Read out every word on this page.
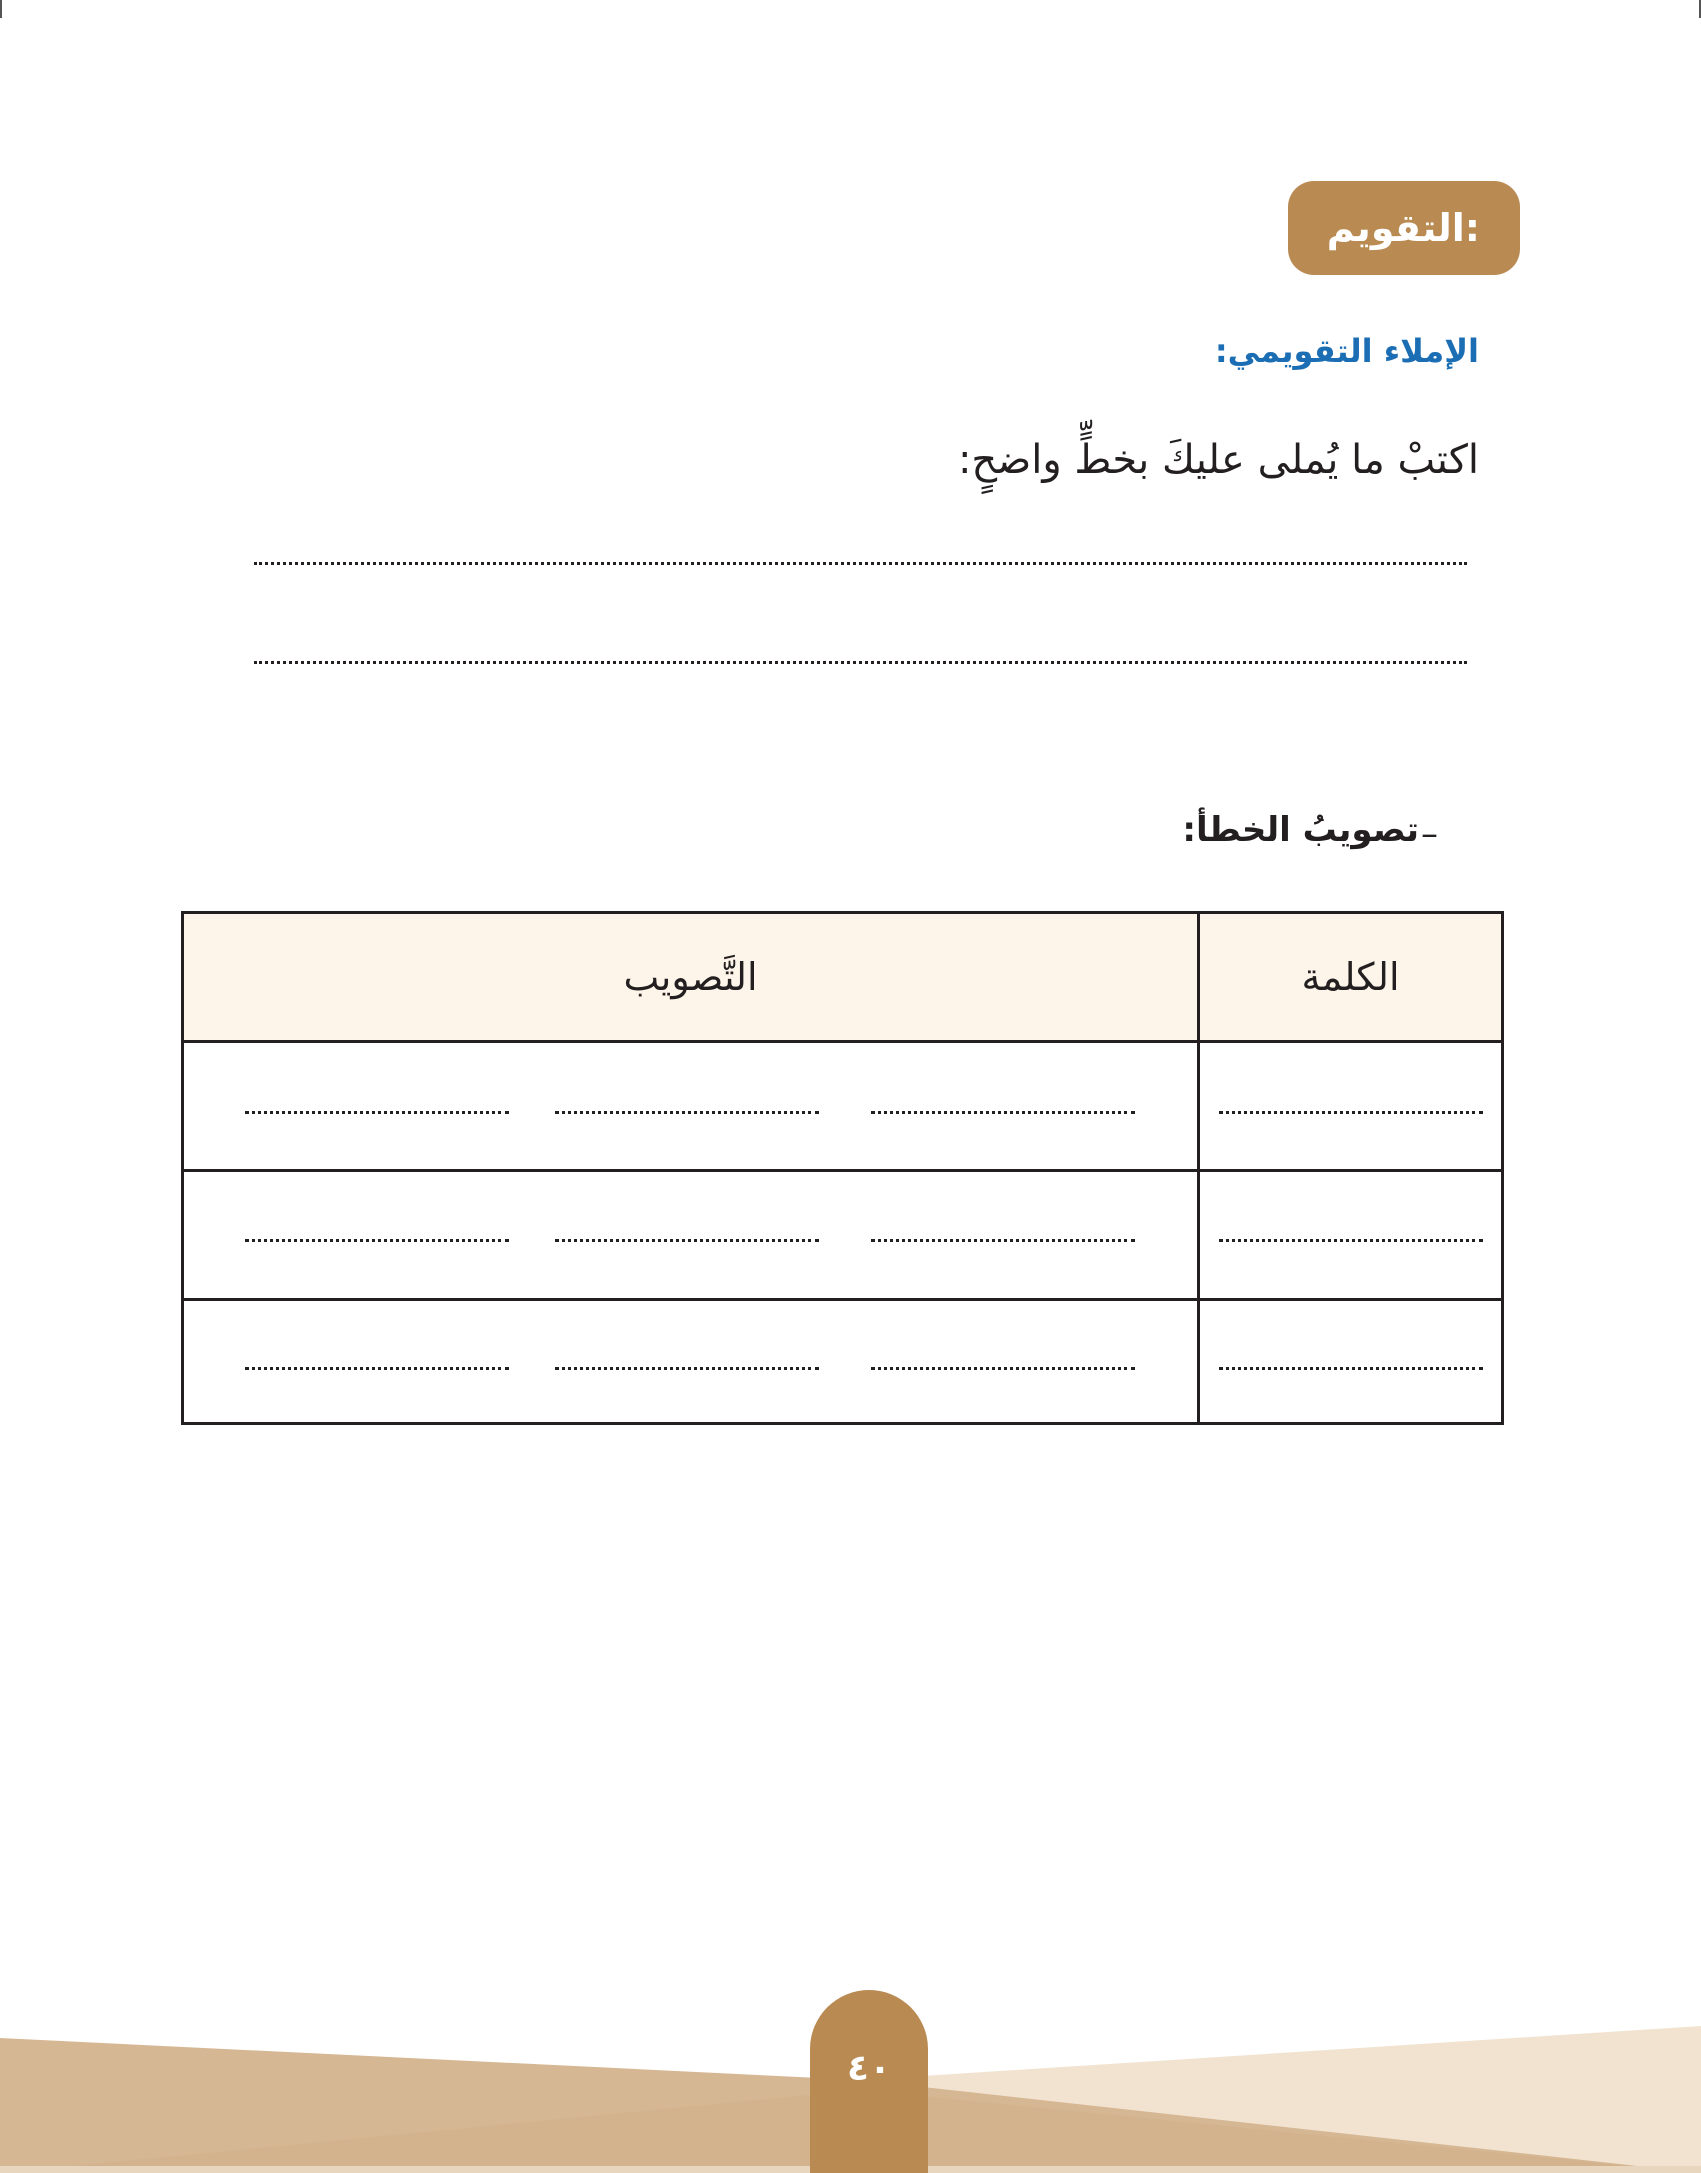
التقويم:
الإملاء التقويمي:
اكتبْ ما يُملى عليكَ بخطٍّ واضحٍ:
–
تصويبُ الخطأ:
التَّصويب	الكلمة
٤٠
